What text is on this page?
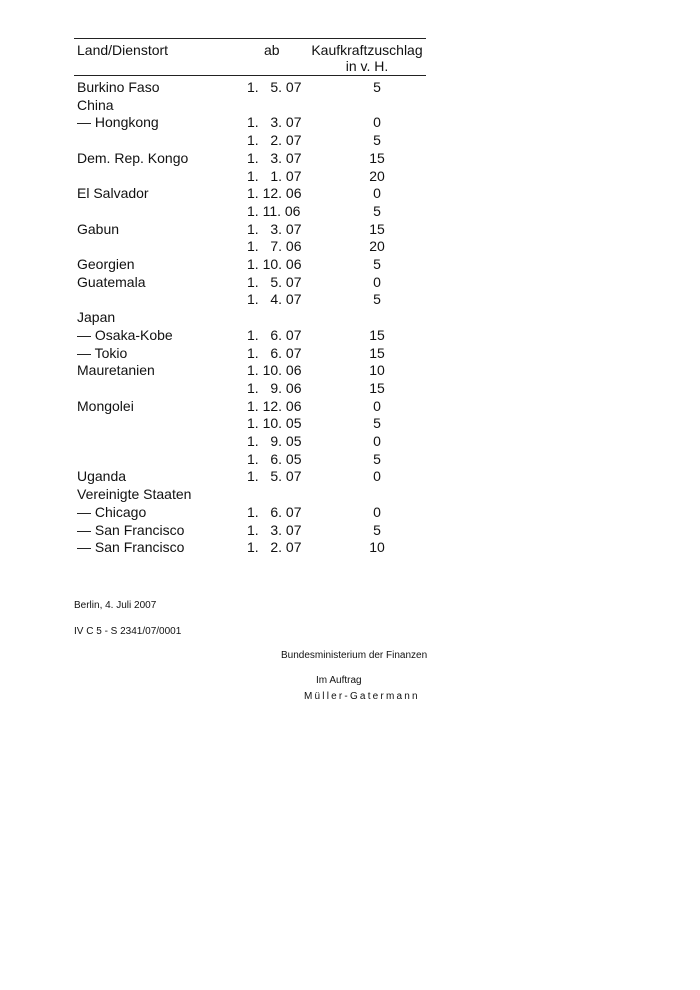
Land/Dienstort	ab Kaufkraftzuschlag
in v. H.
Burkino Faso	1.   5. 07	5
China
— Hongkong	1.   3. 07	0
1.   2. 07	5
Dem. Rep. Kongo	1.   3. 07	15
1.   1. 07	20
El Salvador	1. 12. 06	0
1. 11. 06	5
Gabun	1.   3. 07	15
1.   7. 06	20
Georgien	1. 10. 06	5
Guatemala	1.   5. 07	0
1.   4. 07	5
Japan
— Osaka-Kobe	1.   6. 07	15
— Tokio	1.   6. 07	15
Mauretanien	1. 10. 06	10
1.   9. 06	15
Mongolei	1. 12. 06	0
1. 10. 05	5
1.   9. 05	0
1.   6. 05	5
Uganda	1.   5. 07	0
Vereinigte Staaten
— Chicago	1.   6. 07	0
— San Francisco	1.   3. 07	5
— San Francisco	1.   2. 07	10
Berlin, 4. Juli 2007
IV C 5 - S 2341/07/0001
Bundesministerium der Finanzen
Im Auftrag
Müller-Gatermann
